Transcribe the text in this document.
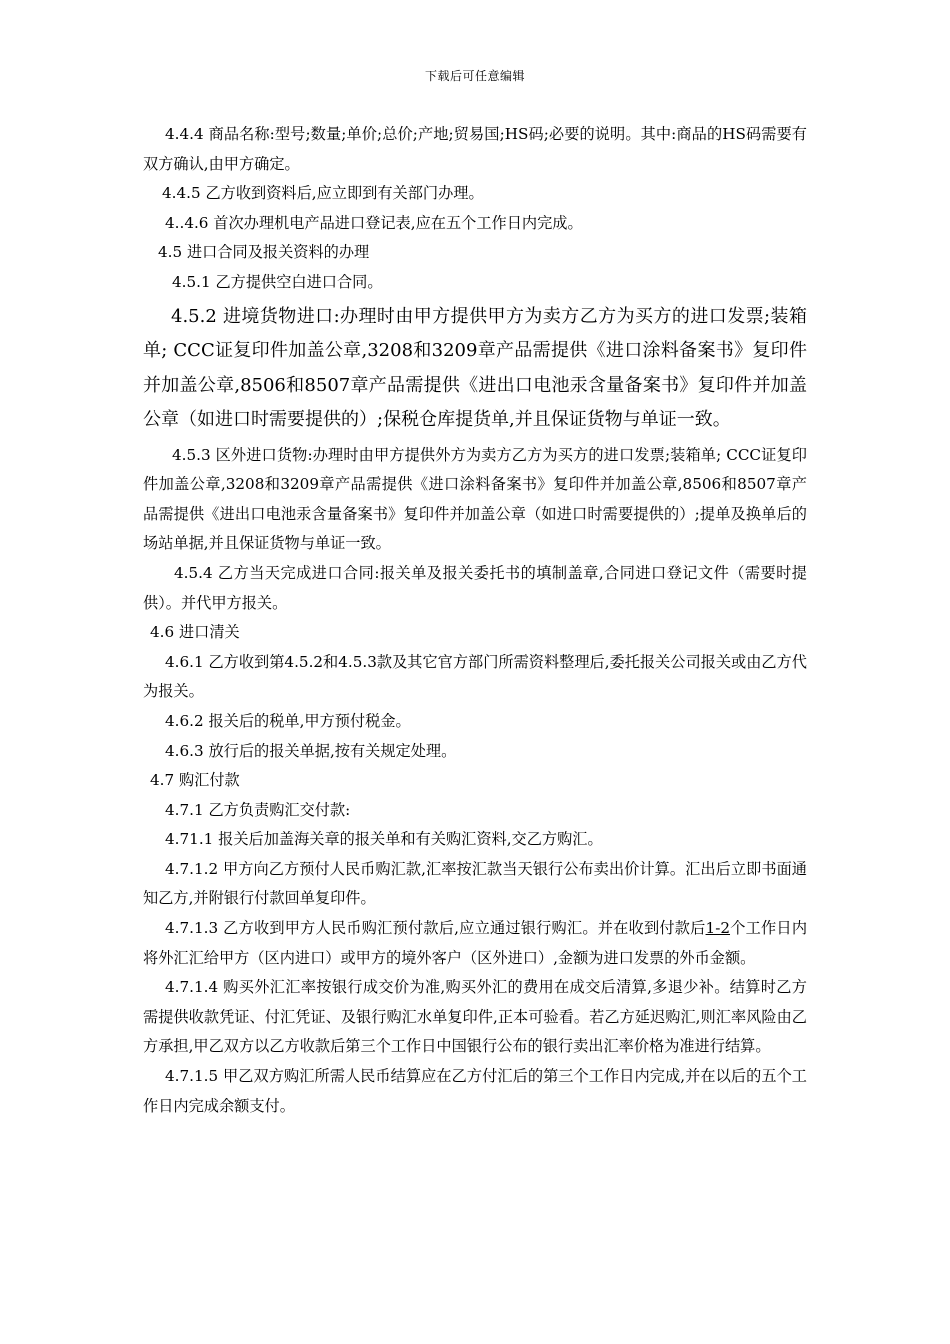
下载后可任意编辑

4.4.4 商品名称:型号;数量;单价;总价;产地;贸易国;HS码;必要的说明。其中:商品的HS码需要有双方确认,由甲方确定。

4.4.5 乙方收到资料后,应立即到有关部门办理。

4..4.6 首次办理机电产品进口登记表,应在五个工作日内完成。

4.5 进口合同及报关资料的办理

4.5.1 乙方提供空白进口合同。

4.5.2 进境货物进口:办理时由甲方提供甲方为卖方乙方为买方的进口发票;装箱单; CCC证复印件加盖公章,3208和3209章产品需提供《进口涂料备案书》复印件并加盖公章,8506和8507章产品需提供《进出口电池汞含量备案书》复印件并加盖公章（如进口时需要提供的）;保税仓库提货单,并且保证货物与单证一致。

4.5.3 区外进口货物:办理时由甲方提供外方为卖方乙方为买方的进口发票;装箱单; CCC证复印件加盖公章,3208和3209章产品需提供《进口涂料备案书》复印件并加盖公章,8506和8507章产品需提供《进出口电池汞含量备案书》复印件并加盖公章（如进口时需要提供的）;提单及换单后的场站单据,并且保证货物与单证一致。

4.5.4 乙方当天完成进口合同:报关单及报关委托书的填制盖章,合同进口登记文件（需要时提供）。并代甲方报关。

4.6 进口清关

4.6.1 乙方收到第4.5.2和4.5.3款及其它官方部门所需资料整理后,委托报关公司报关或由乙方代为报关。

4.6.2 报关后的税单,甲方预付税金。

4.6.3 放行后的报关单据,按有关规定处理。

4.7 购汇付款

4.7.1 乙方负责购汇交付款:

4.71.1 报关后加盖海关章的报关单和有关购汇资料,交乙方购汇。

4.7.1.2 甲方向乙方预付人民币购汇款,汇率按汇款当天银行公布卖出价计算。汇出后立即书面通知乙方,并附银行付款回单复印件。

4.7.1.3 乙方收到甲方人民币购汇预付款后,应立通过银行购汇。并在收到付款后1-2个工作日内将外汇汇给甲方（区内进口）或甲方的境外客户（区外进口）,金额为进口发票的外币金额。

4.7.1.4 购买外汇汇率按银行成交价为准,购买外汇的费用在成交后清算,多退少补。结算时乙方需提供收款凭证、付汇凭证、及银行购汇水单复印件,正本可验看。若乙方延迟购汇,则汇率风险由乙方承担,甲乙双方以乙方收款后第三个工作日中国银行公布的银行卖出汇率价格为准进行结算。

4.7.1.5 甲乙双方购汇所需人民币结算应在乙方付汇后的第三个工作日内完成,并在以后的五个工作日内完成余额支付。
